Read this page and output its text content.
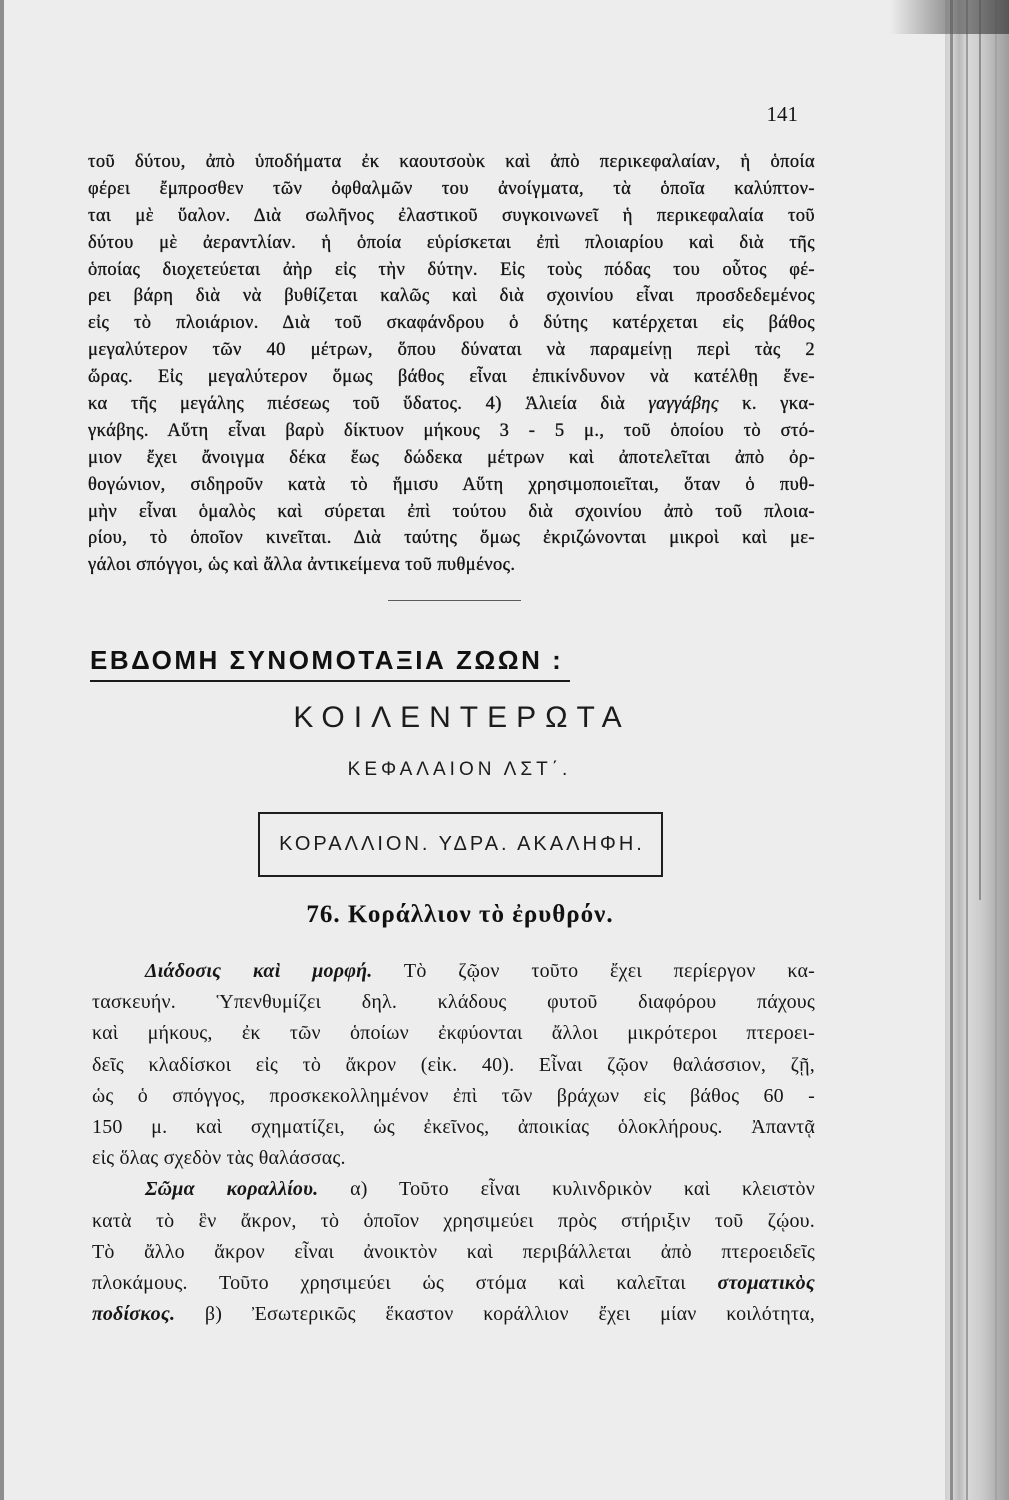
141
τοῦ δύτου, ἀπὸ ὑποδήματα ἐκ καουτσοὺκ καὶ ἀπὸ περικεφαλαίαν, ἡ ὁποία
φέρει ἔμπροσθεν τῶν ὀφθαλμῶν του ἀνοίγματα, τὰ ὁποῖα καλύπτον-
ται μὲ ὕαλον. Διὰ σωλῆνος ἐλαστικοῦ συγκοινωνεῖ ἡ περικεφαλαία τοῦ
δύτου μὲ ἀεραντλίαν. ἡ ὁποία εὑρίσκεται ἐπὶ πλοιαρίου καὶ διὰ τῆς
ὁποίας διοχετεύεται ἀὴρ εἰς τὴν δύτην. Εἰς τοὺς πόδας του οὗτος φέ-
ρει βάρη διὰ νὰ βυθίζεται καλῶς καὶ διὰ σχοινίου εἶναι προσδεδεμένος
εἰς τὸ πλοιάριον. Διὰ τοῦ σκαφάνδρου ὁ δύτης κατέρχεται εἰς βάθος
μεγαλύτερον τῶν 40 μέτρων, ὅπου δύναται νὰ παραμείνῃ περὶ τὰς 2
ὥρας. Εἰς μεγαλύτερον ὅμως βάθος εἶναι ἐπικίνδυνον νὰ κατέλθῃ ἕνε-
κα τῆς μεγάλης πιέσεως τοῦ ὕδατος. 4) Ἁλιεία διὰ γαγγάβης κ. γκα-
γκάβης. Αὕτη εἶναι βαρὺ δίκτυον μήκους 3 - 5 μ., τοῦ ὁποίου τὸ στό-
μιον ἔχει ἄνοιγμα δέκα ἕως δώδεκα μέτρων καὶ ἀποτελεῖται ἀπὸ ὀρ-
θογώνιον, σιδηροῦν κατὰ τὸ ἥμισυ Αὕτη χρησιμοποιεῖται, ὅταν ὁ πυθ-
μὴν εἶναι ὁμαλὸς καὶ σύρεται ἐπὶ τούτου διὰ σχοινίου ἀπὸ τοῦ πλοια-
ρίου, τὸ ὁποῖον κινεῖται. Διὰ ταύτης ὅμως ἐκριζώνονται μικροὶ καὶ με-
γάλοι σπόγγοι, ὡς καὶ ἄλλα ἀντικείμενα τοῦ πυθμένος.
ΕΒΔΟΜΗ ΣΥΝΟΜΟΤΑΞΙΑ ΖΩΩΝ :
ΚΟΙΛΕΝΤΕΡΩΤΑ
ΚΕΦΑΛΑΙΟΝ ΛΣΤ΄.
ΚΟΡΑΛΛΙΟΝ. ΥΔΡΑ. ΑΚΑΛΗΦΗ.
76. Κοράλλιον τὸ ἐρυθρόν.
Διάδοσις καὶ μορφή. Τὸ ζῷον τοῦτο ἔχει περίεργον κα-
τασκευήν. Ὑπενθυμίζει δηλ. κλάδους φυτοῦ διαφόρου πάχους
καὶ μήκους, ἐκ τῶν ὁποίων ἐκφύονται ἄλλοι μικρότεροι πτεροει-
δεῖς κλαδίσκοι εἰς τὸ ἄκρον (εἰκ. 40). Εἶναι ζῷον θαλάσσιον, ζῇ,
ὡς ὁ σπόγγος, προσκεκολλημένον ἐπὶ τῶν βράχων εἰς βάθος 60 -
150 μ. καὶ σχηματίζει, ὡς ἐκεῖνος, ἀποικίας ὁλοκλήρους. Ἀπαντᾷ
εἰς ὅλας σχεδὸν τὰς θαλάσσας.
Σῶμα κοραλλίου. α) Τοῦτο εἶναι κυλινδρικὸν καὶ κλειστὸν
κατὰ τὸ ἓν ἄκρον, τὸ ὁποῖον χρησιμεύει πρὸς στήριξιν τοῦ ζῴου.
Τὸ ἄλλο ἄκρον εἶναι ἀνοικτὸν καὶ περιβάλλεται ἀπὸ πτεροειδεῖς
πλοκάμους. Τοῦτο χρησιμεύει ὡς στόμα καὶ καλεῖται στοματικὸς
ποδίσκος. β) Ἐσωτερικῶς ἕκαστον κοράλλιον ἔχει μίαν κοιλότητα,
